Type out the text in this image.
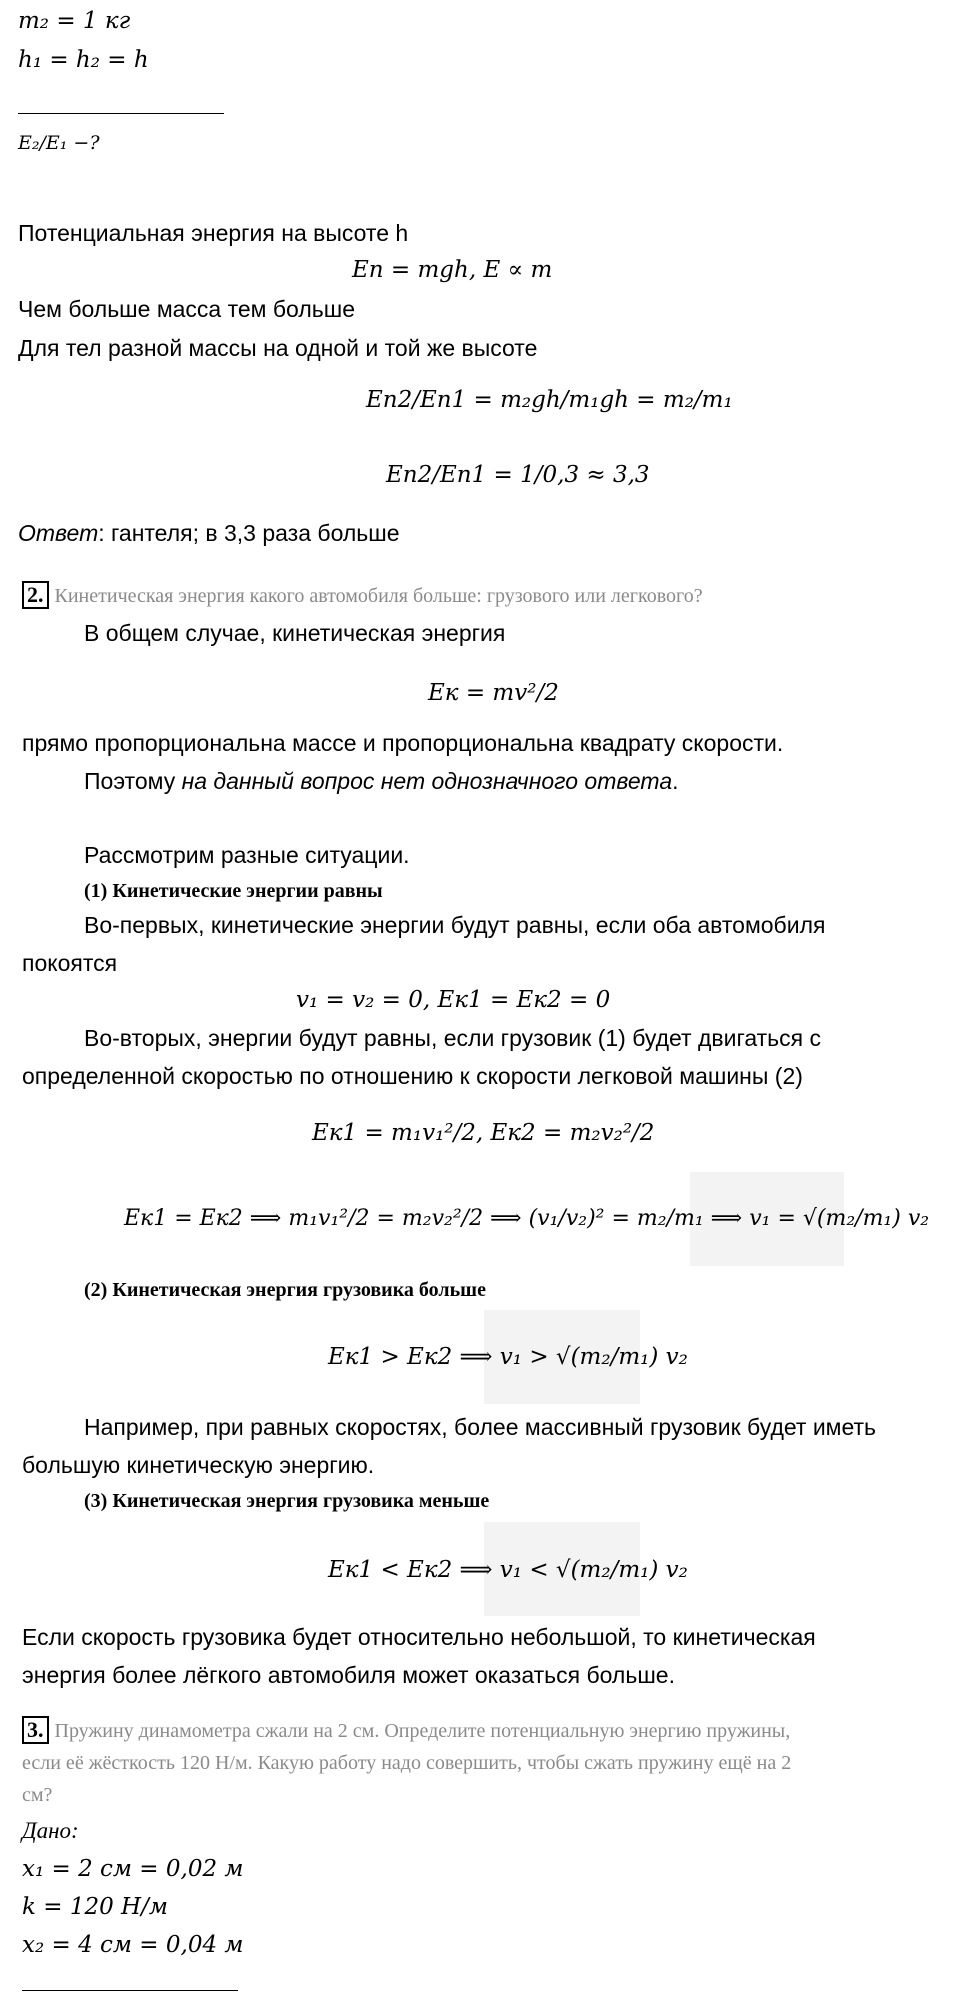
m₂ = 1 кг
h₁ = h₂ = h
E₂/E₁ −?
Потенциальная энергия на высоте h
Eп = mgh, E ∝ m
Чем больше масса тем больше
Для тел разной массы на одной и той же высоте
Eп2/Eп1 = m₂gh/m₁gh = m₂/m₁
Eп2/Eп1 = 1/0,3 ≈ 3,3
Ответ: гантеля; в 3,3 раза больше
2. Кинетическая энергия какого автомобиля больше: грузового или легкового?
В общем случае, кинетическая энергия
Eк = mv²/2
прямо пропорциональна массе и пропорциональна квадрату скорости.
Поэтому на данный вопрос нет однозначного ответа.
Рассмотрим разные ситуации.
(1) Кинетические энергии равны
Во-первых, кинетические энергии будут равны, если оба автомобиля
покоятся
v₁ = v₂ = 0, Eк1 = Eк2 = 0
Во-вторых, энергии будут равны, если грузовик (1) будет двигаться с
определенной скоростью по отношению к скорости легковой машины (2)
Eк1 = m₁v₁²/2, Eк2 = m₂v₂²/2
Eк1 = Eк2 ⟹ m₁v₁²/2 = m₂v₂²/2 ⟹ (v₁/v₂)² = m₂/m₁ ⟹ v₁ = √(m₂/m₁) v₂
(2) Кинетическая энергия грузовика больше
Eк1 > Eк2 ⟹ v₁ > √(m₂/m₁) v₂
Например, при равных скоростях, более массивный грузовик будет иметь
большую кинетическую энергию.
(3) Кинетическая энергия грузовика меньше
Eк1 < Eк2 ⟹ v₁ < √(m₂/m₁) v₂
Если скорость грузовика будет относительно небольшой, то кинетическая
энергия более лёгкого автомобиля может оказаться больше.
3. Пружину динамометра сжали на 2 см. Определите потенциальную энергию пружины,
если её жёсткость 120 Н/м. Какую работу надо совершить, чтобы сжать пружину ещё на 2
см?
Дано:
x₁ = 2 см = 0,02 м
k = 120 Н/м
x₂ = 4 см = 0,04 м
